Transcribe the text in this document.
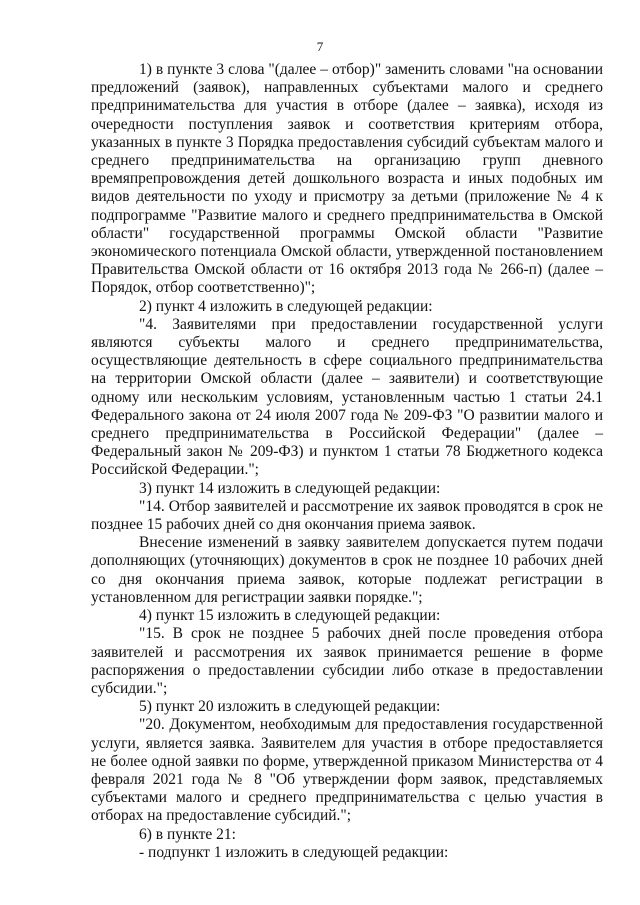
7

1) в пункте 3 слова "(далее – отбор)" заменить словами "на основании предложений (заявок), направленных субъектами малого и среднего предпринимательства для участия в отборе (далее – заявка), исходя из очередности поступления заявок и соответствия критериям отбора, указанных в пункте 3 Порядка предоставления субсидий субъектам малого и среднего предпринимательства на организацию групп дневного времяпрепровождения детей дошкольного возраста и иных подобных им видов деятельности по уходу и присмотру за детьми (приложение № 4 к подпрограмме "Развитие малого и среднего предпринимательства в Омской области" государственной программы Омской области "Развитие экономического потенциала Омской области, утвержденной постановлением Правительства Омской области от 16 октября 2013 года № 266-п) (далее – Порядок, отбор соответственно)";

2) пункт 4 изложить в следующей редакции:

"4. Заявителями при предоставлении государственной услуги являются субъекты малого и среднего предпринимательства, осуществляющие деятельность в сфере социального предпринимательства на территории Омской области (далее – заявители) и соответствующие одному или нескольким условиям, установленным частью 1 статьи 24.1 Федерального закона от 24 июля 2007 года № 209-ФЗ "О развитии малого и среднего предпринимательства в Российской Федерации" (далее – Федеральный закон № 209-ФЗ) и пунктом 1 статьи 78 Бюджетного кодекса Российской Федерации.";

3) пункт 14 изложить в следующей редакции:

"14. Отбор заявителей и рассмотрение их заявок проводятся в срок не позднее 15 рабочих дней со дня окончания приема заявок.

Внесение изменений в заявку заявителем допускается путем подачи дополняющих (уточняющих) документов в срок не позднее 10 рабочих дней со дня окончания приема заявок, которые подлежат регистрации в установленном для регистрации заявки порядке.";

4) пункт 15 изложить в следующей редакции:

"15. В срок не позднее 5 рабочих дней после проведения отбора заявителей и рассмотрения их заявок принимается решение в форме распоряжения о предоставлении субсидии либо отказе в предоставлении субсидии.";

5) пункт 20 изложить в следующей редакции:

"20. Документом, необходимым для предоставления государственной услуги, является заявка. Заявителем для участия в отборе предоставляется не более одной заявки по форме, утвержденной приказом Министерства от 4 февраля 2021 года № 8 "Об утверждении форм заявок, представляемых субъектами малого и среднего предпринимательства с целью участия в отборах на предоставление субсидий.";

6) в пункте 21:

- подпункт 1 изложить в следующей редакции:
